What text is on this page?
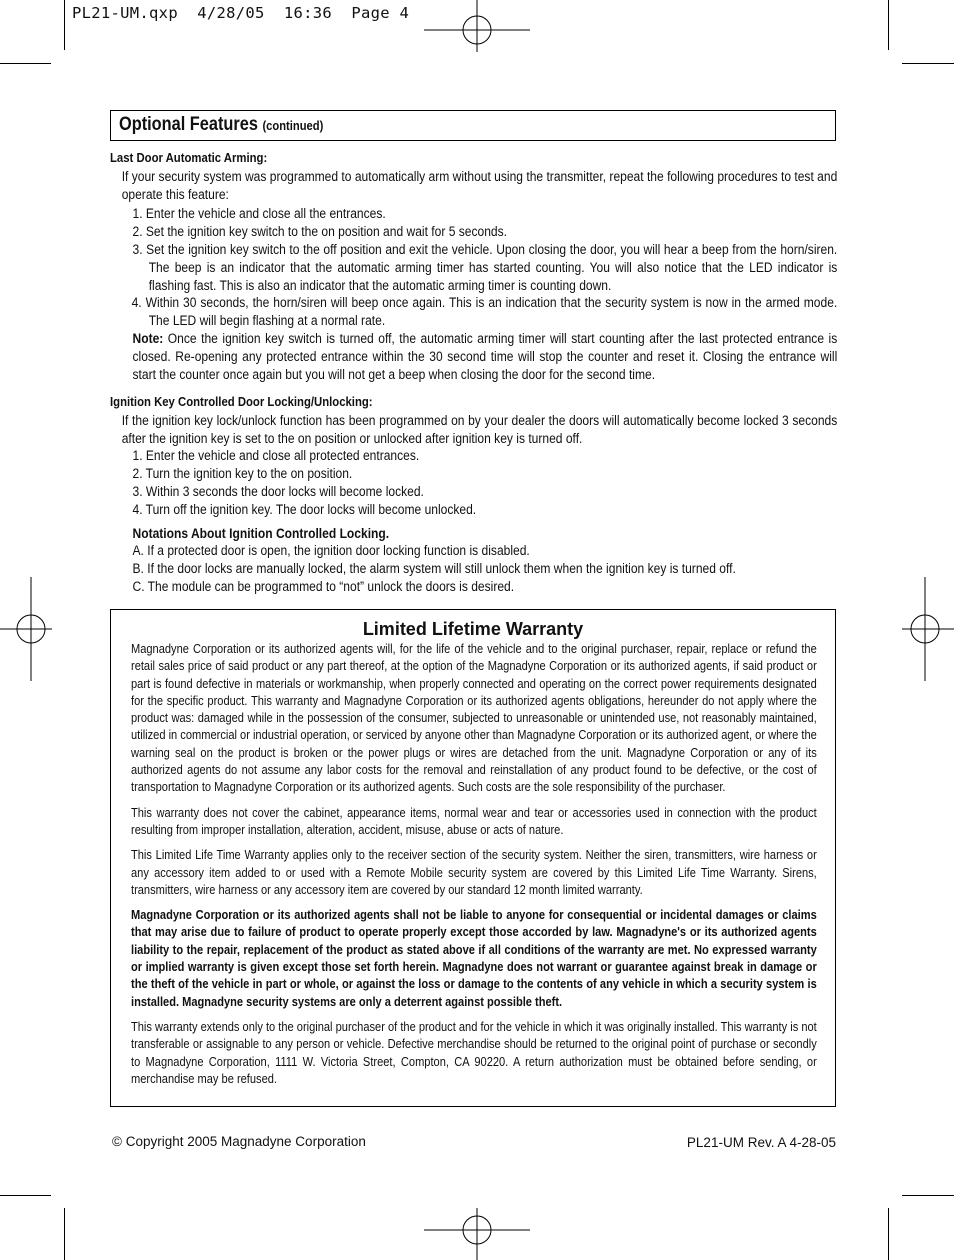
PL21-UM.qxp  4/28/05  16:36  Page 4
Optional Features (continued)

Last Door Automatic Arming:

If your security system was programmed to automatically arm without using the transmitter, repeat the following procedures to test and operate this feature:

1. Enter the vehicle and close all the entrances.

2. Set the ignition key switch to the on position and wait for 5 seconds.

3. Set the ignition key switch to the off position and exit the vehicle. Upon closing the door, you will hear a beep from the horn/siren. The beep is an indicator that the automatic arming timer has started counting. You will also notice that the LED indicator is flashing fast. This is also an indicator that the automatic arming timer is counting down.

4. Within 30 seconds, the horn/siren will beep once again. This is an indication that the security system is now in the armed mode. The LED will begin flashing at a normal rate.

Note: Once the ignition key switch is turned off, the automatic arming timer will start counting after the last protected entrance is closed. Re-opening any protected entrance within the 30 second time will stop the counter and reset it. Closing the entrance will start the counter once again but you will not get a beep when closing the door for the second time.

Ignition Key Controlled Door Locking/Unlocking:

If the ignition key lock/unlock function has been programmed on by your dealer the doors will automatically become locked 3 seconds after the ignition key is set to the on position or unlocked after ignition key is turned off.

1. Enter the vehicle and close all protected entrances.

2. Turn the ignition key to the on position.

3. Within 3 seconds the door locks will become locked.

4. Turn off the ignition key. The door locks will become unlocked.

Notations About Ignition Controlled Locking.

A. If a protected door is open, the ignition door locking function is disabled.

B. If the door locks are manually locked, the alarm system will still unlock them when the ignition key is turned off.

C. The module can be programmed to “not” unlock the doors is desired.

Limited Lifetime Warranty

Magnadyne Corporation or its authorized agents will, for the life of the vehicle and to the original purchaser, repair, replace or refund the retail sales price of said product or any part thereof, at the option of the Magnadyne Corporation or its authorized agents, if said product or part is found defective in materials or workmanship, when properly connected and operating on the correct power requirements designated for the specific product. This warranty and Magnadyne Corporation or its authorized agents obligations, hereunder do not apply where the product was: damaged while in the possession of the consumer, subjected to unreasonable or unintended use, not reasonably maintained, utilized in commercial or industrial operation, or serviced by anyone other than Magnadyne Corporation or its authorized agent, or where the warning seal on the product is broken or the power plugs or wires are detached from the unit. Magnadyne Corporation or any of its authorized agents do not assume any labor costs for the removal and reinstallation of any product found to be defective, or the cost of transportation to Magnadyne Corporation or its authorized agents. Such costs are the sole responsibility of the purchaser.

This warranty does not cover the cabinet, appearance items, normal wear and tear or accessories used in connection with the product resulting from improper installation, alteration, accident, misuse, abuse or acts of nature.

This Limited Life Time Warranty applies only to the receiver section of the security system. Neither the siren, transmitters, wire harness or any accessory item added to or used with a Remote Mobile security system are covered by this Limited Life Time Warranty. Sirens, transmitters, wire harness or any accessory item are covered by our standard 12 month limited warranty.

Magnadyne Corporation or its authorized agents shall not be liable to anyone for consequential or incidental damages or claims that may arise due to failure of product to operate properly except those accorded by law. Magnadyne's or its authorized agents liability to the repair, replacement of the product as stated above if all conditions of the warranty are met. No expressed warranty or implied warranty is given except those set forth herein. Magnadyne does not warrant or guarantee against break in damage or the theft of the vehicle in part or whole, or against the loss or damage to the contents of any vehicle in which a security system is installed. Magnadyne security systems are only a deterrent against possible theft.

This warranty extends only to the original purchaser of the product and for the vehicle in which it was originally installed. This warranty is not transferable or assignable to any person or vehicle. Defective merchandise should be returned to the original point of purchase or secondly to Magnadyne Corporation, 1111 W. Victoria Street, Compton, CA 90220. A return authorization must be obtained before sending, or merchandise may be refused.

© Copyright 2005 Magnadyne Corporation	PL21-UM Rev. A 4-28-05
